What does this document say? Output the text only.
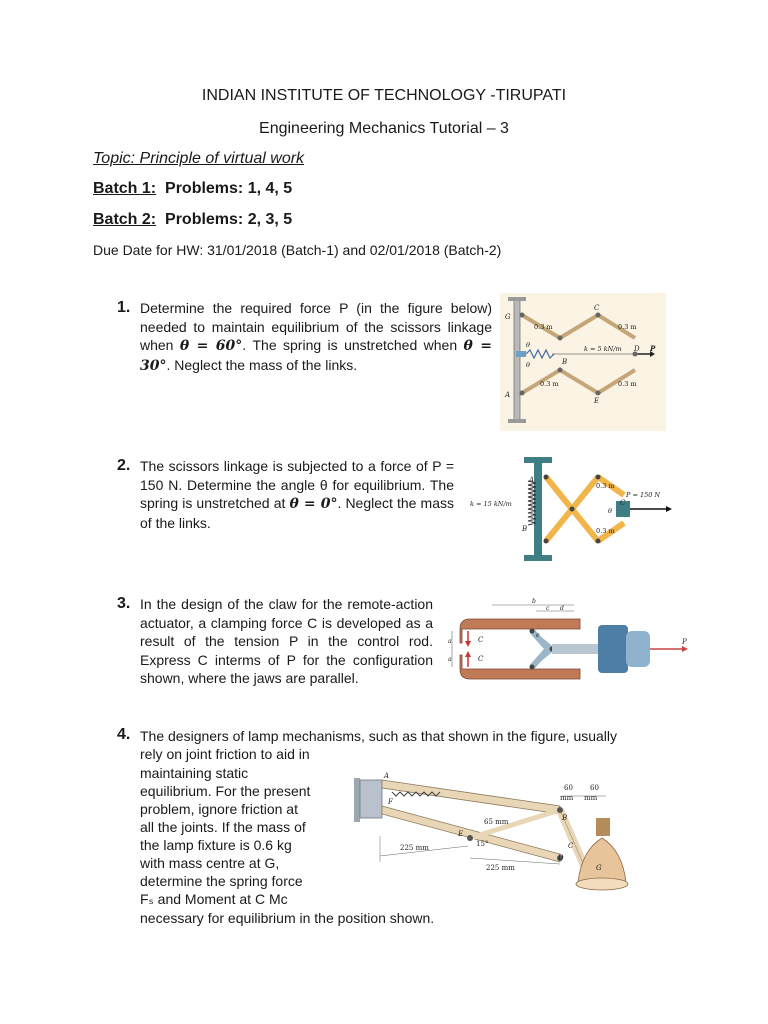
INDIAN INSTITUTE OF TECHNOLOGY -TIRUPATI
Engineering Mechanics Tutorial – 3
Topic: Principle of virtual work
Batch 1: Problems: 1, 4, 5
Batch 2: Problems: 2, 3, 5
Due Date for HW: 31/01/2018 (Batch-1) and 02/01/2018 (Batch-2)
1. Determine the required force P (in the figure below) needed to maintain equilibrium of the scissors linkage when θ = 60°. The spring is unstretched when θ = 30°. Neglect the mass of the links.
G
C
0.3 m	0.3 m
k = 5 kN/m D P
B
θ
θ
0.3 m	0.3 m
E
A
2. The scissors linkage is subjected to a force of P = 150 N. Determine the angle θ for equilibrium. The spring is unstretched at θ = 0°. Neglect the mass of the links.
A
0.3 m
P = 150 N
k = 15 kN/m	C
θ
B	0.3 m
3. In the design of the claw for the remote-action actuator, a clamping force C is developed as a result of the tension P in the control rod. Express C interms of P for the configuration shown, where the jaws are parallel.
b
c d
e
a
a
C
C
P
4. The designers of lamp mechanisms, such as that shown in the figure, usually
rely on joint friction to aid in
maintaining static
equilibrium. For the present
problem, ignore friction at
all the joints. If the mass of
the lamp fixture is 0.6 kg
with mass centre at G,
determine the spring force
Fₛ and Moment at C Mᴄ
necessary for equilibrium in the position shown.
A
F
60 60
mm mm
B
65 mm
E
15°	C
225 mm
225 mm
D
G
